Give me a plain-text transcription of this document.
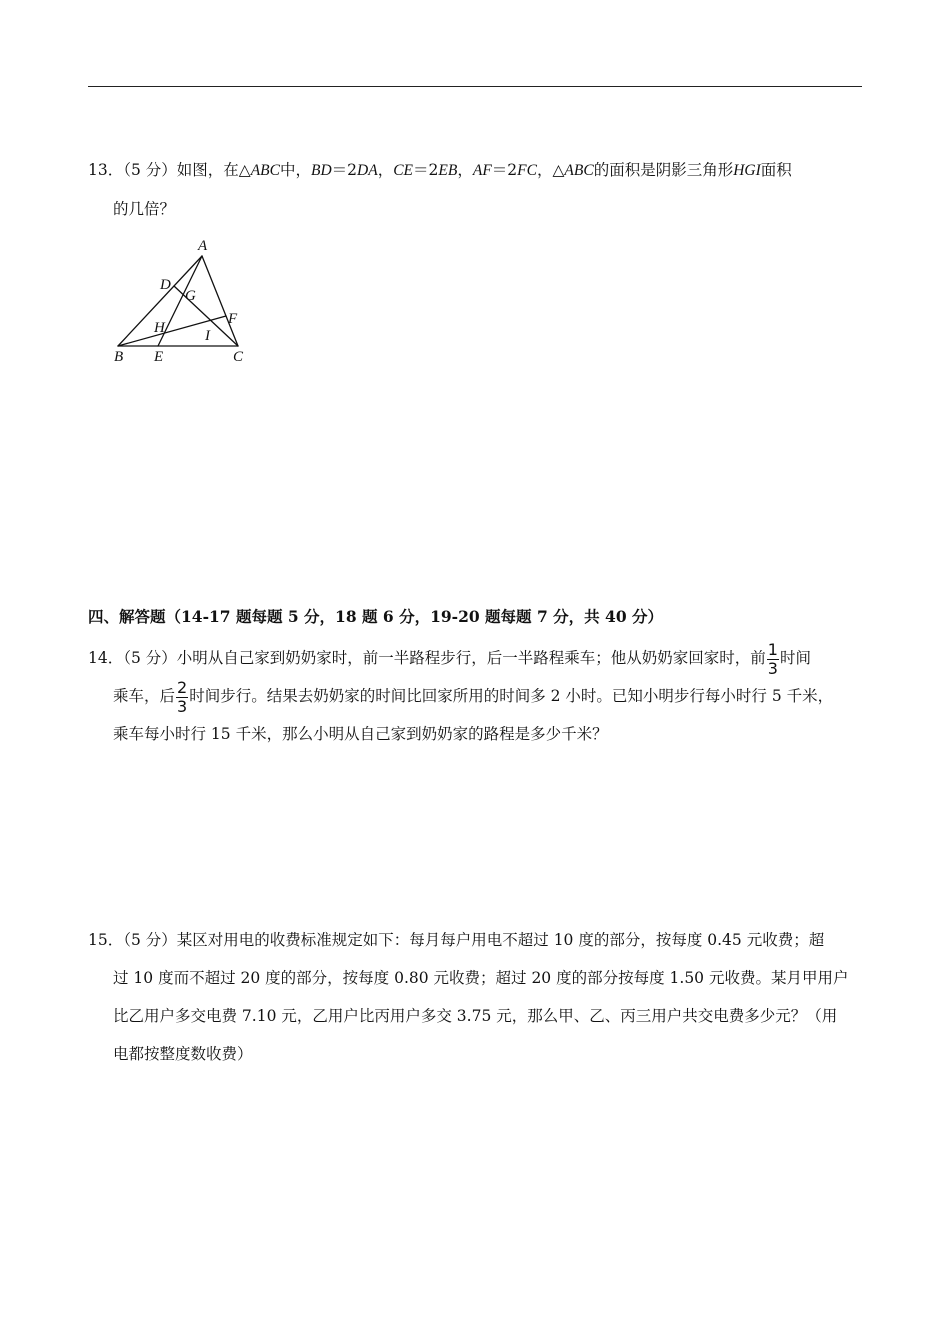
13．（5 分）如图，在△ABC中，BD＝2DA，CE＝2EB，AF＝2FC，△ABC的面积是阴影三角形HGI面积
的几倍？

A
D
G
F
H	I
B E	C

四、解答题（14-17 题每题 5 分，18 题 6 分，19-20 题每题 7 分，共 40 分）

14．（5 分）小明从自己家到奶奶家时，前一半路程步行，后一半路程乘车；他从奶奶家回家时，前 $\frac{1}{3}$ 时间
乘车，后 $\frac{2}{3}$ 时间步行。结果去奶奶家的时间比回家所用的时间多 2 小时。已知小明步行每小时行 5 千米，
乘车每小时行 15 千米，那么小明从自己家到奶奶家的路程是多少千米？

15．（5 分）某区对用电的收费标准规定如下：每月每户用电不超过 10 度的部分，按每度 0.45 元收费；超
过 10 度而不超过 20 度的部分，按每度 0.80 元收费；超过 20 度的部分按每度 1.50 元收费。某月甲用户
比乙用户多交电费 7.10 元，乙用户比丙用户多交 3.75 元，那么甲、乙、丙三用户共交电费多少元？（用
电都按整度数收费）
